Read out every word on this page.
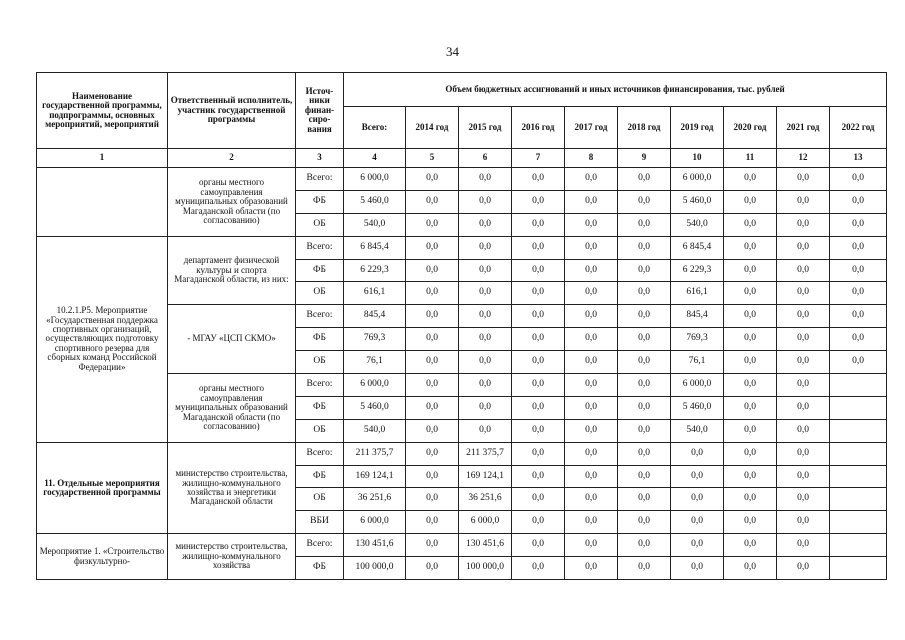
34
Наименование государственной программы, подпрограммы, основных мероприятий, мероприятий	Ответственный исполнитель, участник государственной программы	Источ-ники финан-сиро-вания	Объем бюджетных ассигнований и иных источников финансирования, тыс. рублей									
			Всего:	2014 год	2015 год	2016 год	2017 год	2018 год	2019 год	2020 год	2021 год	2022 год
1	2	3	4	5	6	7	8	9	10	11	12	13
	органы местного самоуправления муниципальных образований Магаданской области (по согласованию)	Всего:	6 000,0	0,0	0,0	0,0	0,0	0,0	6 000,0	0,0	0,0	0,0
		ФБ	5 460,0	0,0	0,0	0,0	0,0	0,0	5 460,0	0,0	0,0	0,0
		ОБ	540,0	0,0	0,0	0,0	0,0	0,0	540,0	0,0	0,0	0,0
10.2.1.Р5. Мероприятие «Государственная поддержка спортивных организаций, осуществляющих подготовку спортивного резерва для сборных команд Российской Федерации»	департамент физической культуры и спорта Магаданской области, из них:	Всего:	6 845,4	0,0	0,0	0,0	0,0	0,0	6 845,4	0,0	0,0	0,0
		ФБ	6 229,3	0,0	0,0	0,0	0,0	0,0	6 229,3	0,0	0,0	0,0
		ОБ	616,1	0,0	0,0	0,0	0,0	0,0	616,1	0,0	0,0	0,0
	- МГАУ «ЦСП СКМО»	Всего:	845,4	0,0	0,0	0,0	0,0	0,0	845,4	0,0	0,0	0,0
		ФБ	769,3	0,0	0,0	0,0	0,0	0,0	769,3	0,0	0,0	0,0
		ОБ	76,1	0,0	0,0	0,0	0,0	0,0	76,1	0,0	0,0	0,0
	органы местного самоуправления муниципальных образований Магаданской области (по согласованию)	Всего:	6 000,0	0,0	0,0	0,0	0,0	0,0	6 000,0	0,0	0,0	
		ФБ	5 460,0	0,0	0,0	0,0	0,0	0,0	5 460,0	0,0	0,0	
		ОБ	540,0	0,0	0,0	0,0	0,0	0,0	540,0	0,0	0,0	
11. Отдельные мероприятия государственной программы	министерство строительства, жилищно-коммунального хозяйства и энергетики Магаданской области	Всего:	211 375,7	0,0	211 375,7	0,0	0,0	0,0	0,0	0,0	0,0	
		ФБ	169 124,1	0,0	169 124,1	0,0	0,0	0,0	0,0	0,0	0,0	
		ОБ	36 251,6	0,0	36 251,6	0,0	0,0	0,0	0,0	0,0	0,0	
		ВБИ	6 000,0	0,0	6 000,0	0,0	0,0	0,0	0,0	0,0	0,0	
Мероприятие 1. «Строительство физкультурно-	министерство строительства, жилищно-коммунального хозяйства	Всего:	130 451,6	0,0	130 451,6	0,0	0,0	0,0	0,0	0,0	0,0	
		ФБ	100 000,0	0,0	100 000,0	0,0	0,0	0,0	0,0	0,0	0,0	
